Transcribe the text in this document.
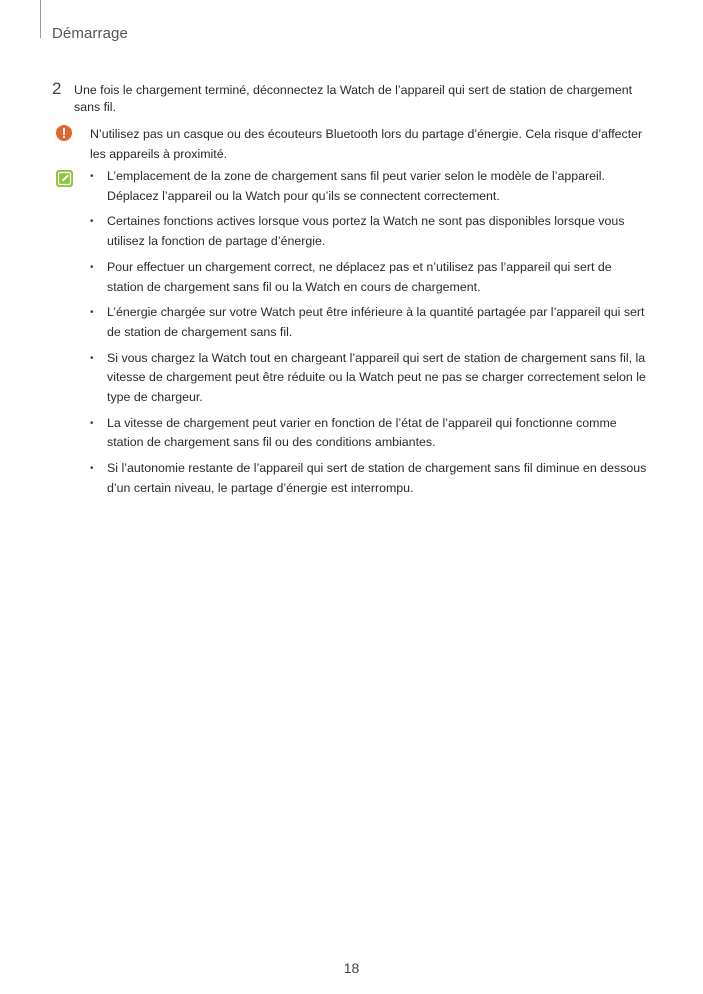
Démarrage
2 Une fois le chargement terminé, déconnectez la Watch de l’appareil qui sert de station de chargement sans fil.
N’utilisez pas un casque ou des écouteurs Bluetooth lors du partage d’énergie. Cela risque d’affecter les appareils à proximité.
• L’emplacement de la zone de chargement sans fil peut varier selon le modèle de l’appareil. Déplacez l’appareil ou la Watch pour qu’ils se connectent correctement.
• Certaines fonctions actives lorsque vous portez la Watch ne sont pas disponibles lorsque vous utilisez la fonction de partage d’énergie.
• Pour effectuer un chargement correct, ne déplacez pas et n’utilisez pas l’appareil qui sert de station de chargement sans fil ou la Watch en cours de chargement.
• L’énergie chargée sur votre Watch peut être inférieure à la quantité partagée par l’appareil qui sert de station de chargement sans fil.
• Si vous chargez la Watch tout en chargeant l’appareil qui sert de station de chargement sans fil, la vitesse de chargement peut être réduite ou la Watch peut ne pas se charger correctement selon le type de chargeur.
• La vitesse de chargement peut varier en fonction de l’état de l’appareil qui fonctionne comme station de chargement sans fil ou des conditions ambiantes.
• Si l’autonomie restante de l’appareil qui sert de station de chargement sans fil diminue en dessous d’un certain niveau, le partage d’énergie est interrompu.
18
